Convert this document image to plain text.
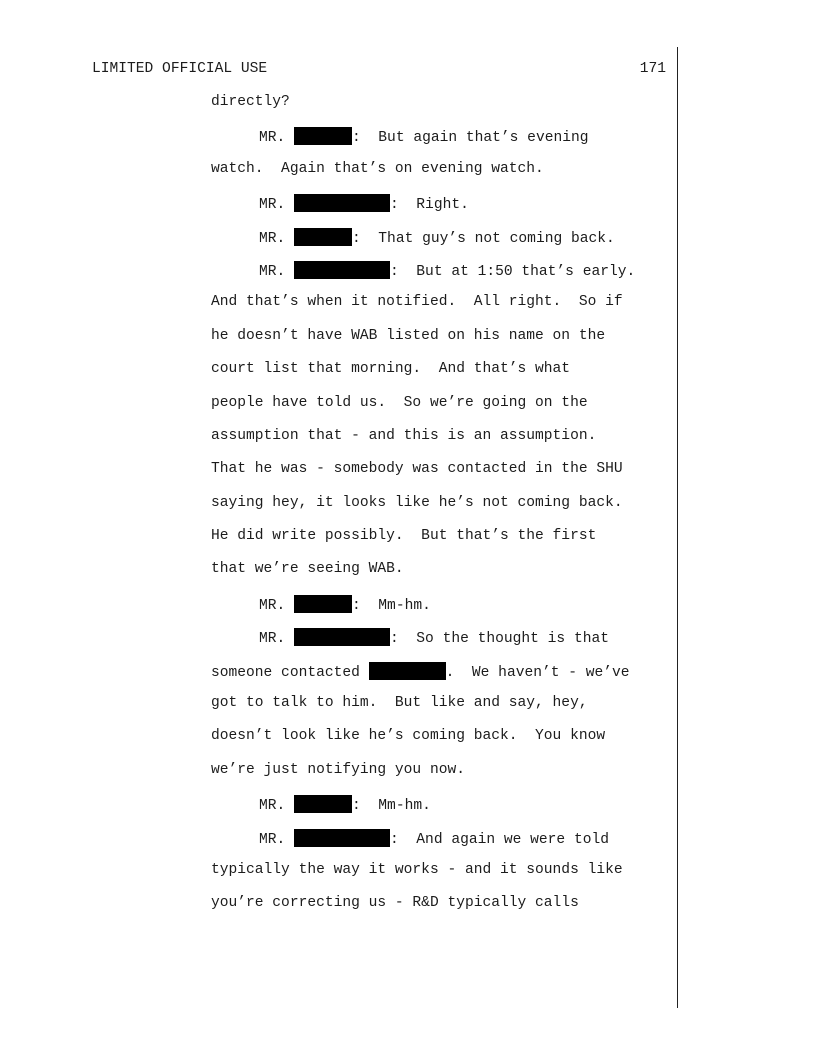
LIMITED OFFICIAL USE	171
directly?
MR.	:  But again that’s evening
watch.  Again that’s on evening watch.
MR.	:  Right.
MR.	:  That guy’s not coming back.
MR.	:  But at 1:50 that’s early.
And that’s when it notified.  All right.  So if
he doesn’t have WAB listed on his name on the
court list that morning.  And that’s what
people have told us.  So we’re going on the
assumption that - and this is an assumption.
That he was - somebody was contacted in the SHU
saying hey, it looks like he’s not coming back.
He did write possibly.  But that’s the first
that we’re seeing WAB.
MR.	:  Mm-hm.
MR.	:  So the thought is that
someone contacted	.  We haven’t - we’ve
got to talk to him.  But like and say, hey,
doesn’t look like he’s coming back.  You know
we’re just notifying you now.
MR.	:  Mm-hm.
MR.	:  And again we were told
typically the way it works - and it sounds like
you’re correcting us - R&D typically calls
